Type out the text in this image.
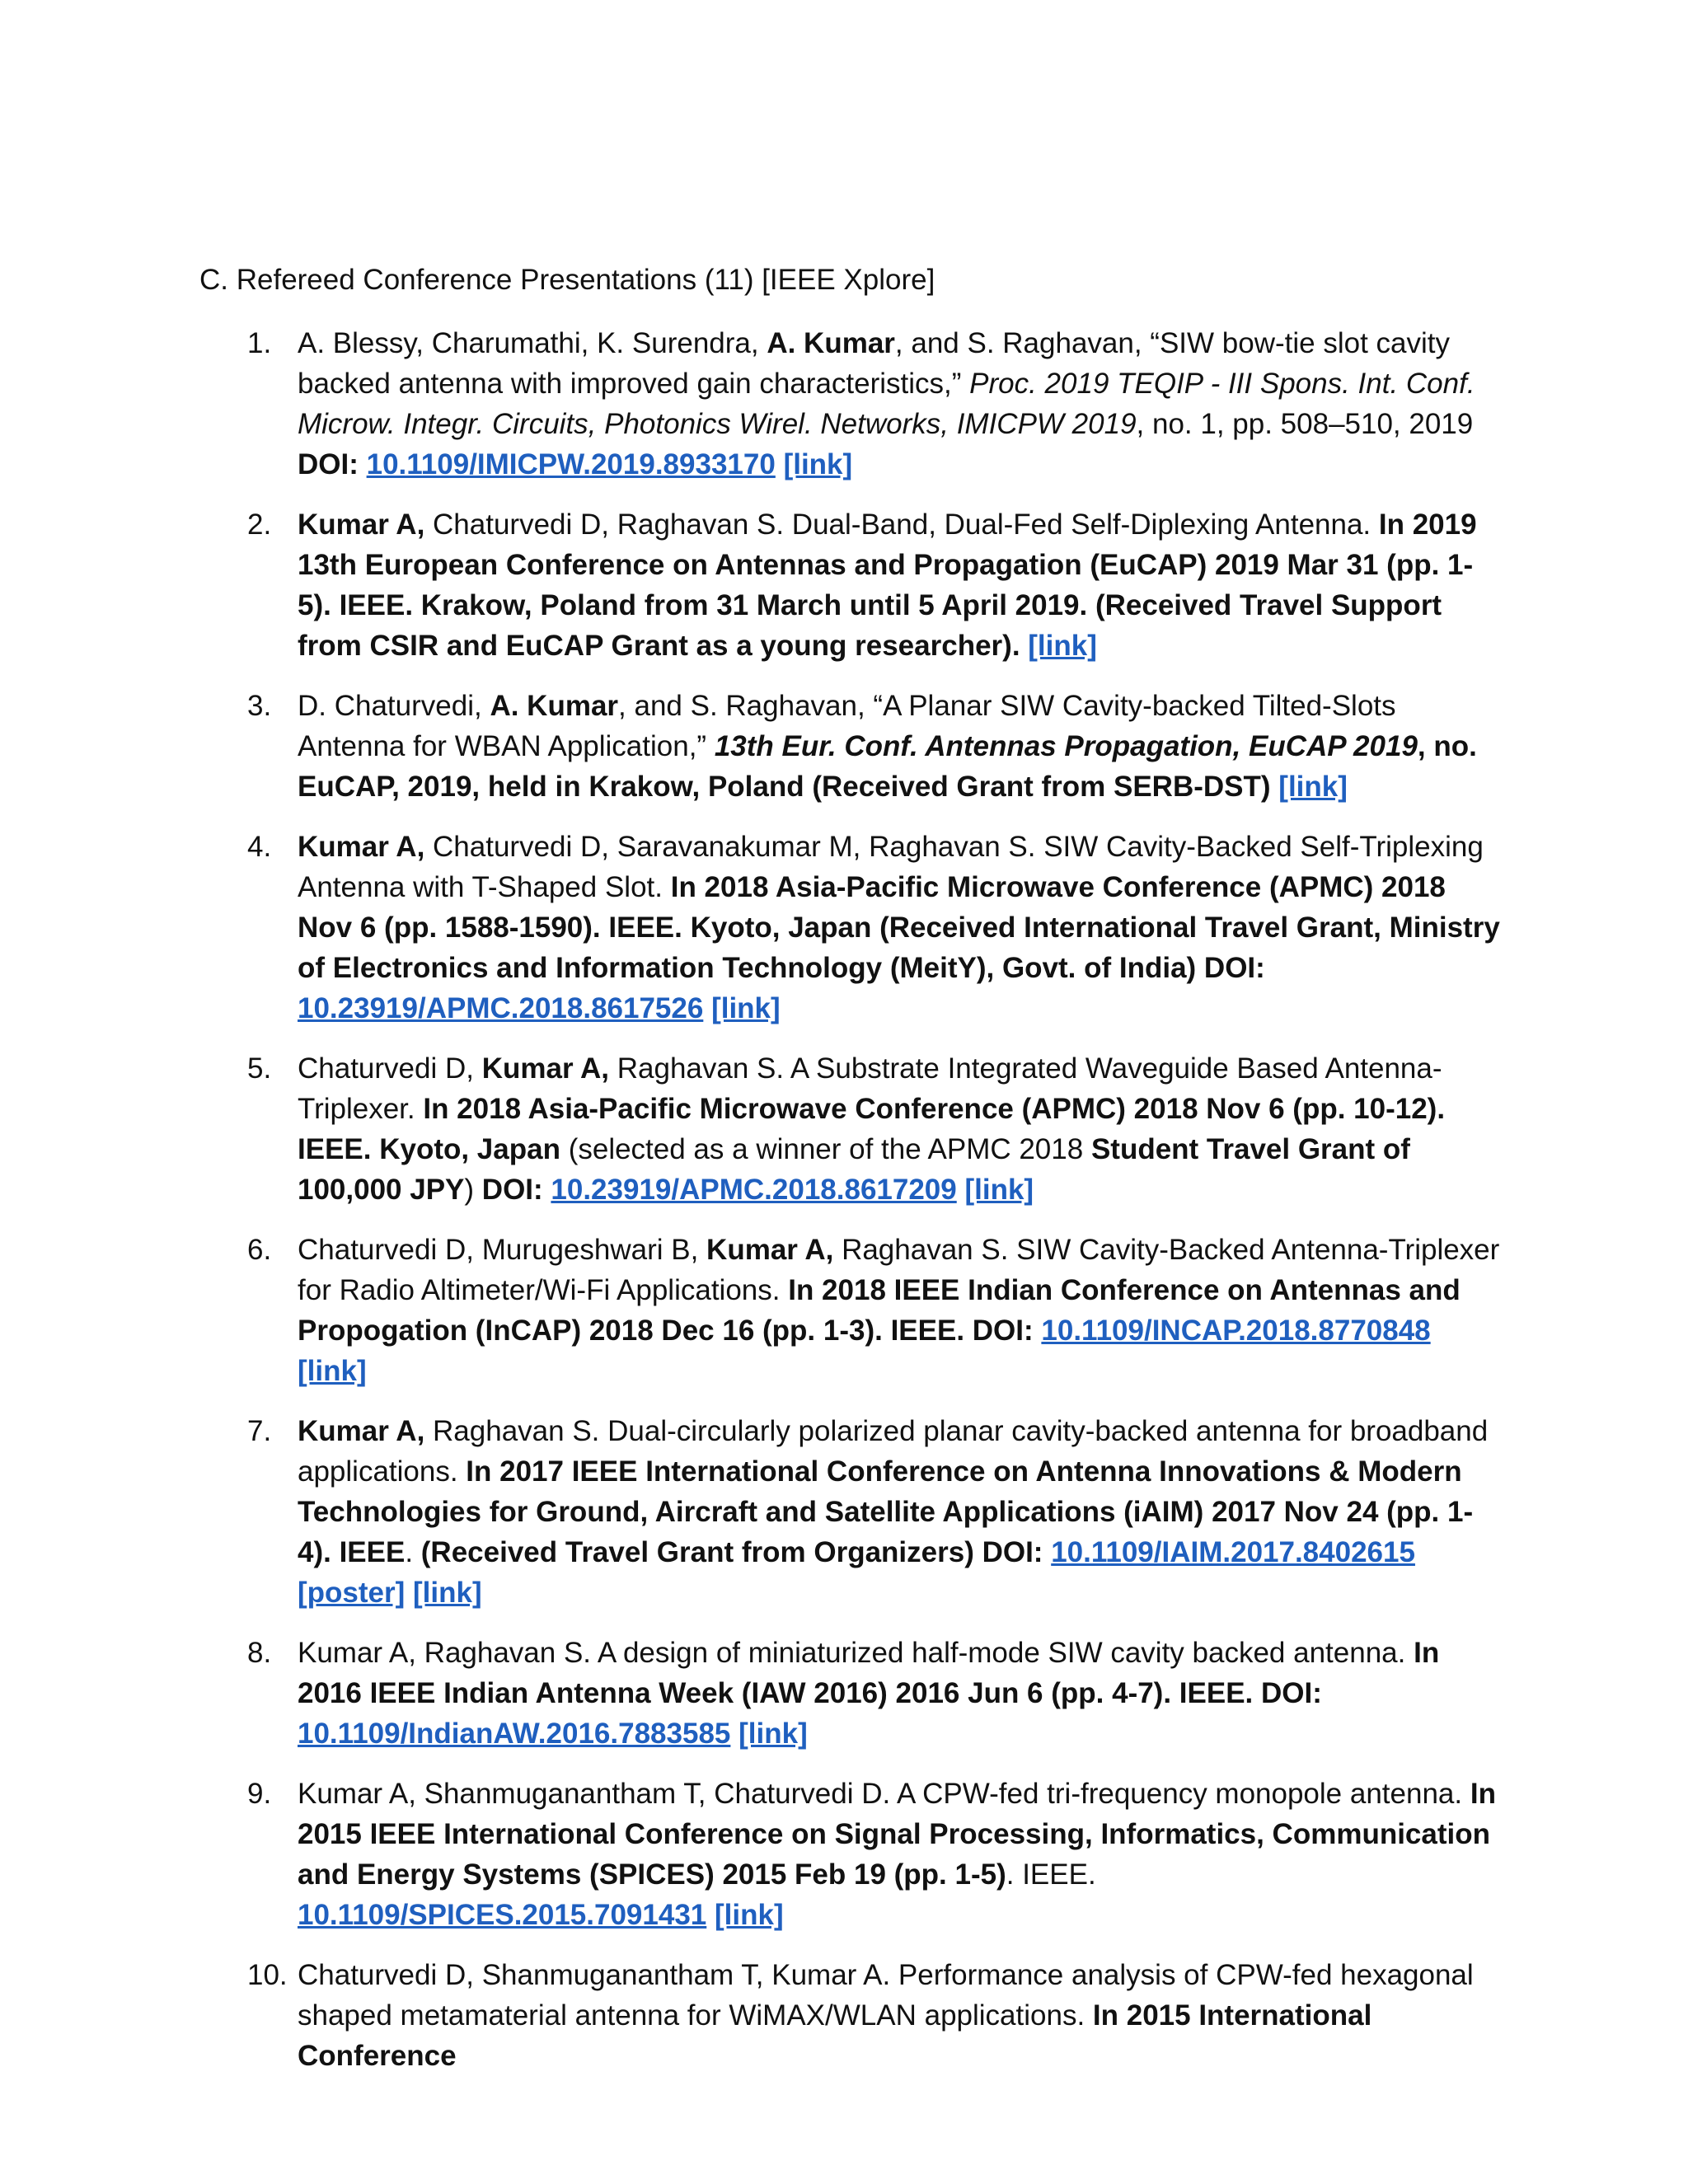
C. Refereed Conference Presentations (11) [IEEE Xplore]
1. A. Blessy, Charumathi, K. Surendra, A. Kumar, and S. Raghavan, “SIW bow-tie slot cavity backed antenna with improved gain characteristics,” Proc. 2019 TEQIP - III Spons. Int. Conf. Microw. Integr. Circuits, Photonics Wirel. Networks, IMICPW 2019, no. 1, pp. 508–510, 2019 DOI: 10.1109/IMICPW.2019.8933170 [link]
2. Kumar A, Chaturvedi D, Raghavan S. Dual-Band, Dual-Fed Self-Diplexing Antenna. In 2019 13th European Conference on Antennas and Propagation (EuCAP) 2019 Mar 31 (pp. 1-5). IEEE. Krakow, Poland from 31 March until 5 April 2019. (Received Travel Support from CSIR and EuCAP Grant as a young researcher). [link]
3. D. Chaturvedi, A. Kumar, and S. Raghavan, “A Planar SIW Cavity-backed Tilted-Slots Antenna for WBAN Application,” 13th Eur. Conf. Antennas Propagation, EuCAP 2019, no. EuCAP, 2019, held in Krakow, Poland (Received Grant from SERB-DST) [link]
4. Kumar A, Chaturvedi D, Saravanakumar M, Raghavan S. SIW Cavity-Backed Self-Triplexing Antenna with T-Shaped Slot. In 2018 Asia-Pacific Microwave Conference (APMC) 2018 Nov 6 (pp. 1588-1590). IEEE. Kyoto, Japan (Received International Travel Grant, Ministry of Electronics and Information Technology (MeitY), Govt. of India) DOI: 10.23919/APMC.2018.8617526 [link]
5. Chaturvedi D, Kumar A, Raghavan S. A Substrate Integrated Waveguide Based Antenna-Triplexer. In 2018 Asia-Pacific Microwave Conference (APMC) 2018 Nov 6 (pp. 10-12). IEEE. Kyoto, Japan (selected as a winner of the APMC 2018 Student Travel Grant of 100,000 JPY) DOI: 10.23919/APMC.2018.8617209 [link]
6. Chaturvedi D, Murugeshwari B, Kumar A, Raghavan S. SIW Cavity-Backed Antenna-Triplexer for Radio Altimeter/Wi-Fi Applications. In 2018 IEEE Indian Conference on Antennas and Propogation (InCAP) 2018 Dec 16 (pp. 1-3). IEEE. DOI: 10.1109/INCAP.2018.8770848 [link]
7. Kumar A, Raghavan S. Dual-circularly polarized planar cavity-backed antenna for broadband applications. In 2017 IEEE International Conference on Antenna Innovations & Modern Technologies for Ground, Aircraft and Satellite Applications (iAIM) 2017 Nov 24 (pp. 1-4). IEEE. (Received Travel Grant from Organizers) DOI: 10.1109/IAIM.2017.8402615 [poster] [link]
8. Kumar A, Raghavan S. A design of miniaturized half-mode SIW cavity backed antenna. In 2016 IEEE Indian Antenna Week (IAW 2016) 2016 Jun 6 (pp. 4-7). IEEE. DOI: 10.1109/IndianAW.2016.7883585 [link]
9. Kumar A, Shanmuganantham T, Chaturvedi D. A CPW-fed tri-frequency monopole antenna. In 2015 IEEE International Conference on Signal Processing, Informatics, Communication and Energy Systems (SPICES) 2015 Feb 19 (pp. 1-5). IEEE. 10.1109/SPICES.2015.7091431 [link]
10. Chaturvedi D, Shanmuganantham T, Kumar A. Performance analysis of CPW-fed hexagonal shaped metamaterial antenna for WiMAX/WLAN applications. In 2015 International Conference
